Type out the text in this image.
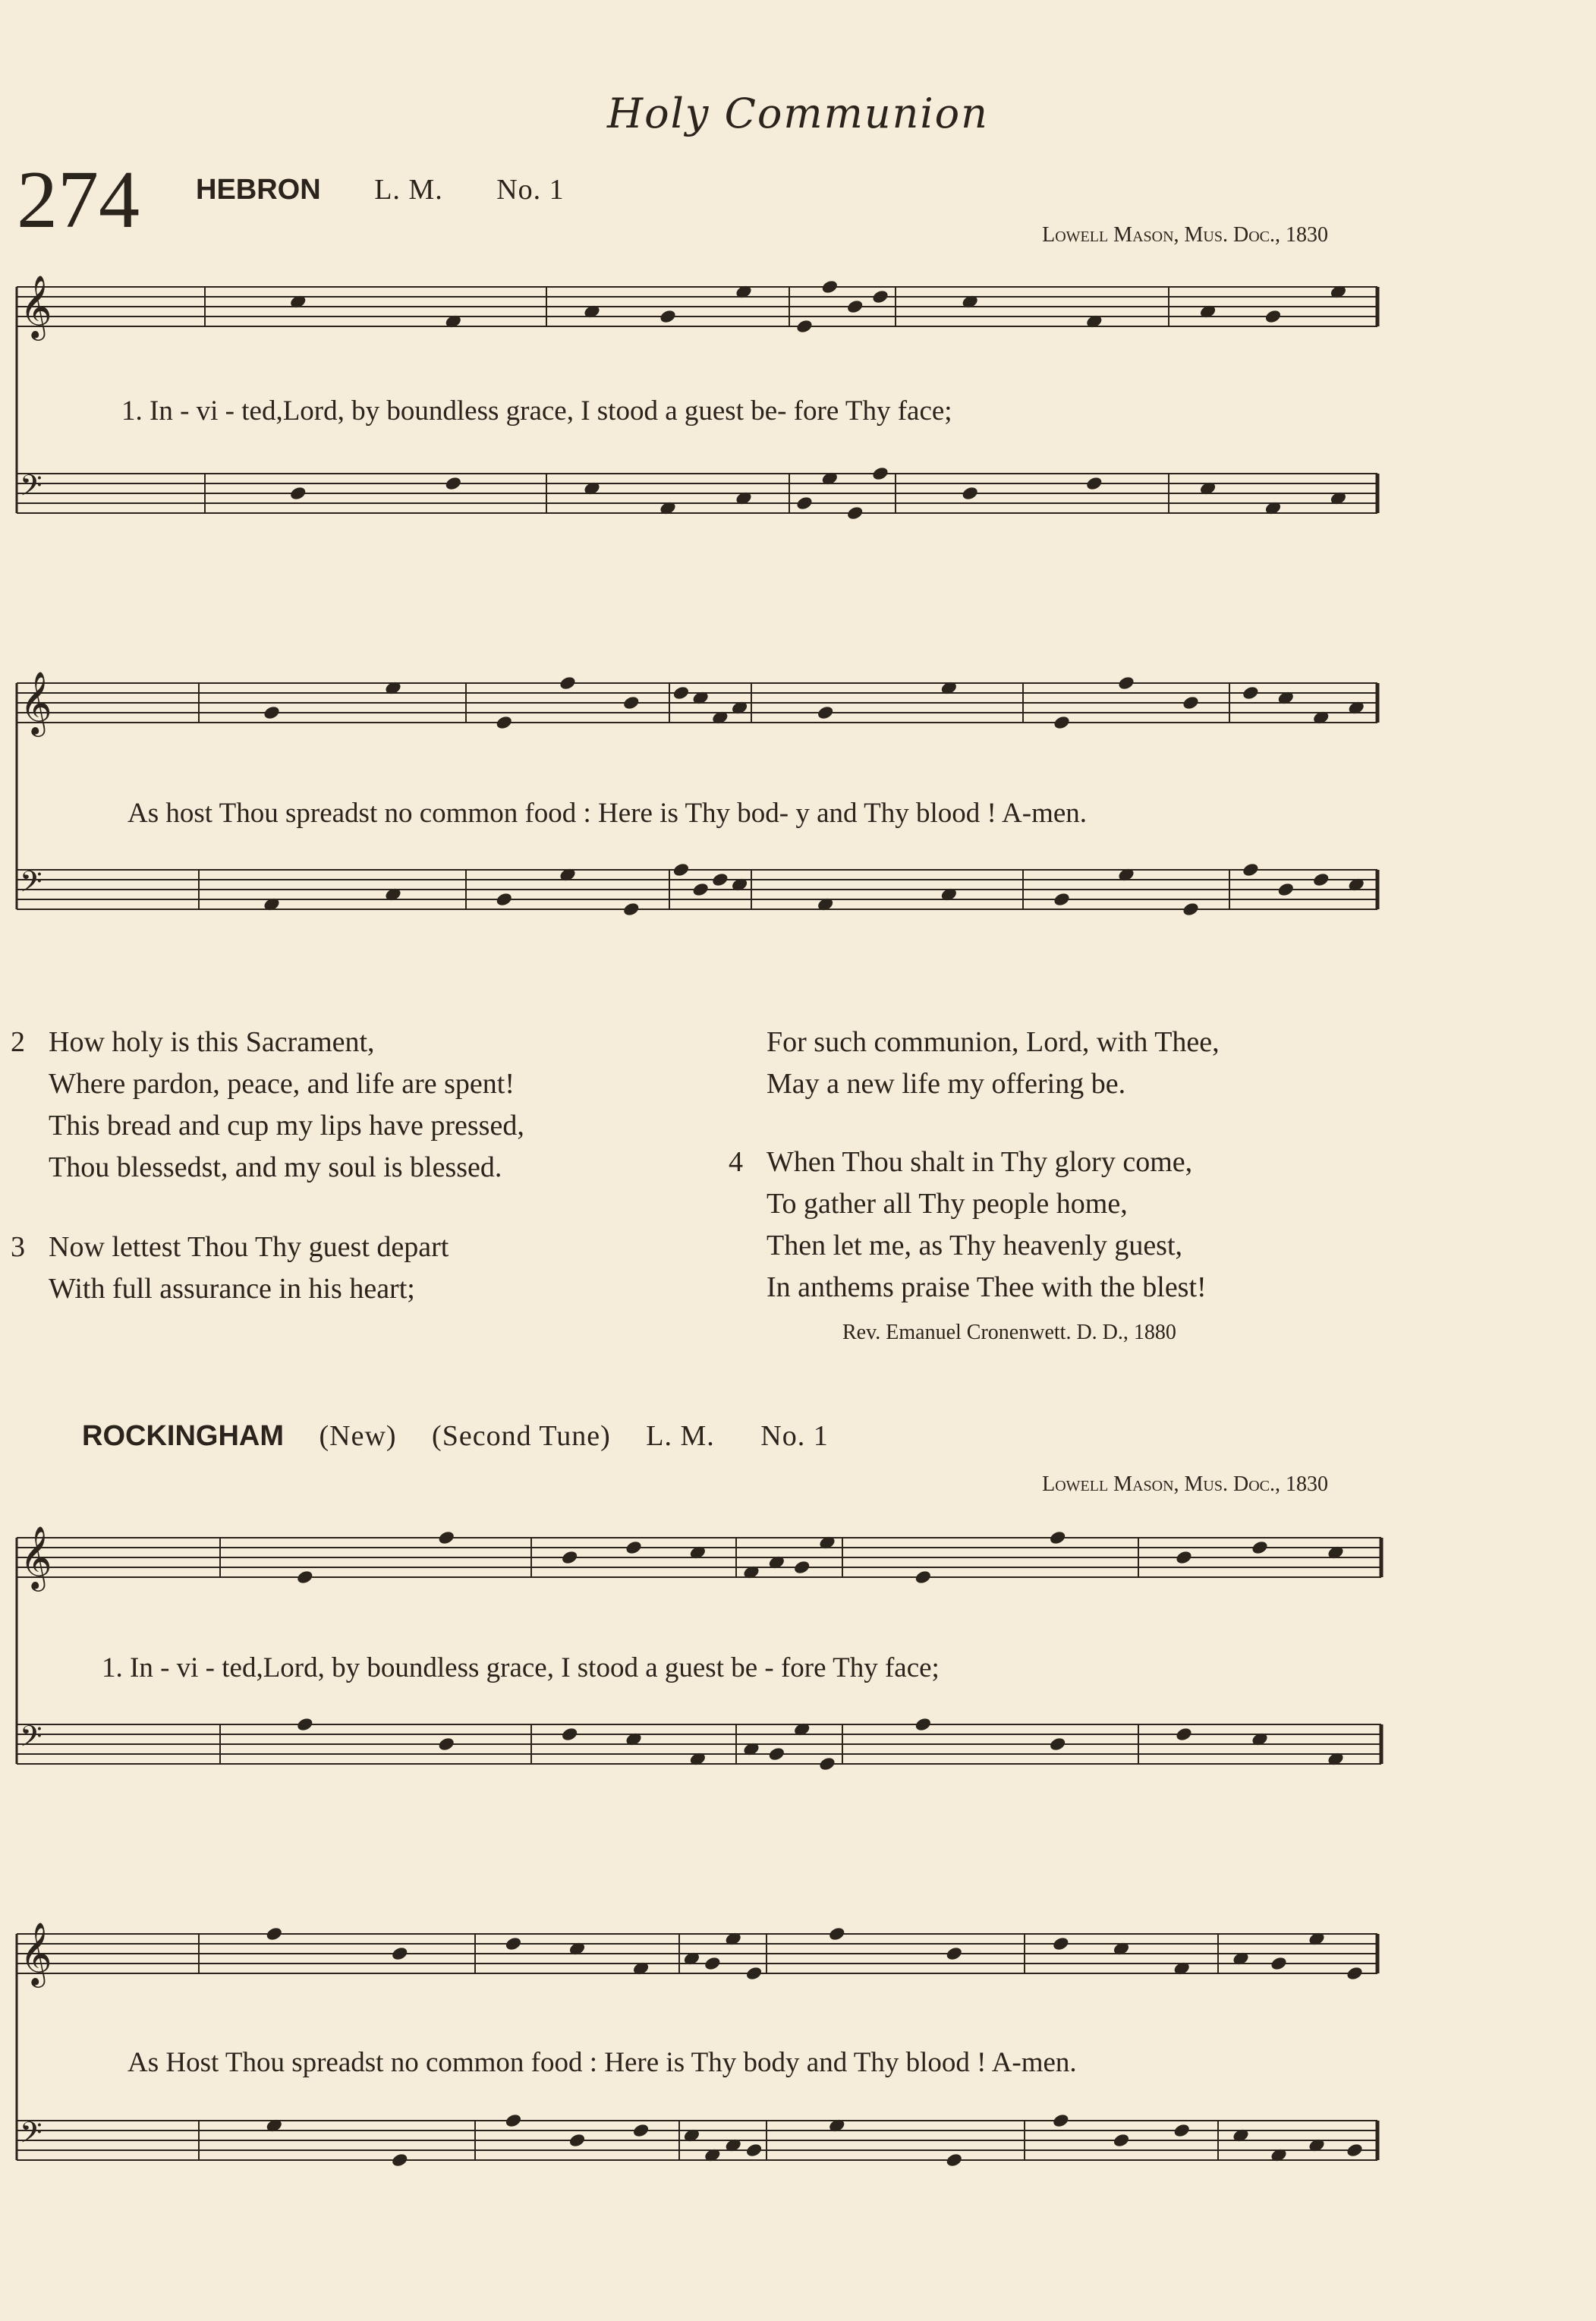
Holy Communion
274 HEBRON L. M. No. 1
Lowell Mason, Mus. Doc., 1830
1. In - vi - ted,Lord, by boundless grace, I stood a guest be- fore Thy face;
As host Thou spreadst no common food : Here is Thy bod- y and Thy blood ! A-men.
2 How holy is this Sacrament,
Where pardon, peace, and life are spent!
This bread and cup my lips have pressed,
Thou blessedst, and my soul is blessed.
3 Now lettest Thou Thy guest depart
With full assurance in his heart;
For such communion, Lord, with Thee,
May a new life my offering be.
4 When Thou shalt in Thy glory come,
To gather all Thy people home,
Then let me, as Thy heavenly guest,
In anthems praise Thee with the blest!
Rev. Emanuel Cronenwett. D. D., 1880
ROCKINGHAM (New) (Second Tune) L. M. No. 1
Lowell Mason, Mus. Doc., 1830
1. In - vi - ted,Lord, by boundless grace, I stood a guest be - fore Thy face;
As Host Thou spreadst no common food : Here is Thy body and Thy blood ! A-men.
𝄞
𝄢
𝄞
𝄢
𝄞
𝄢
𝄞
𝄢
